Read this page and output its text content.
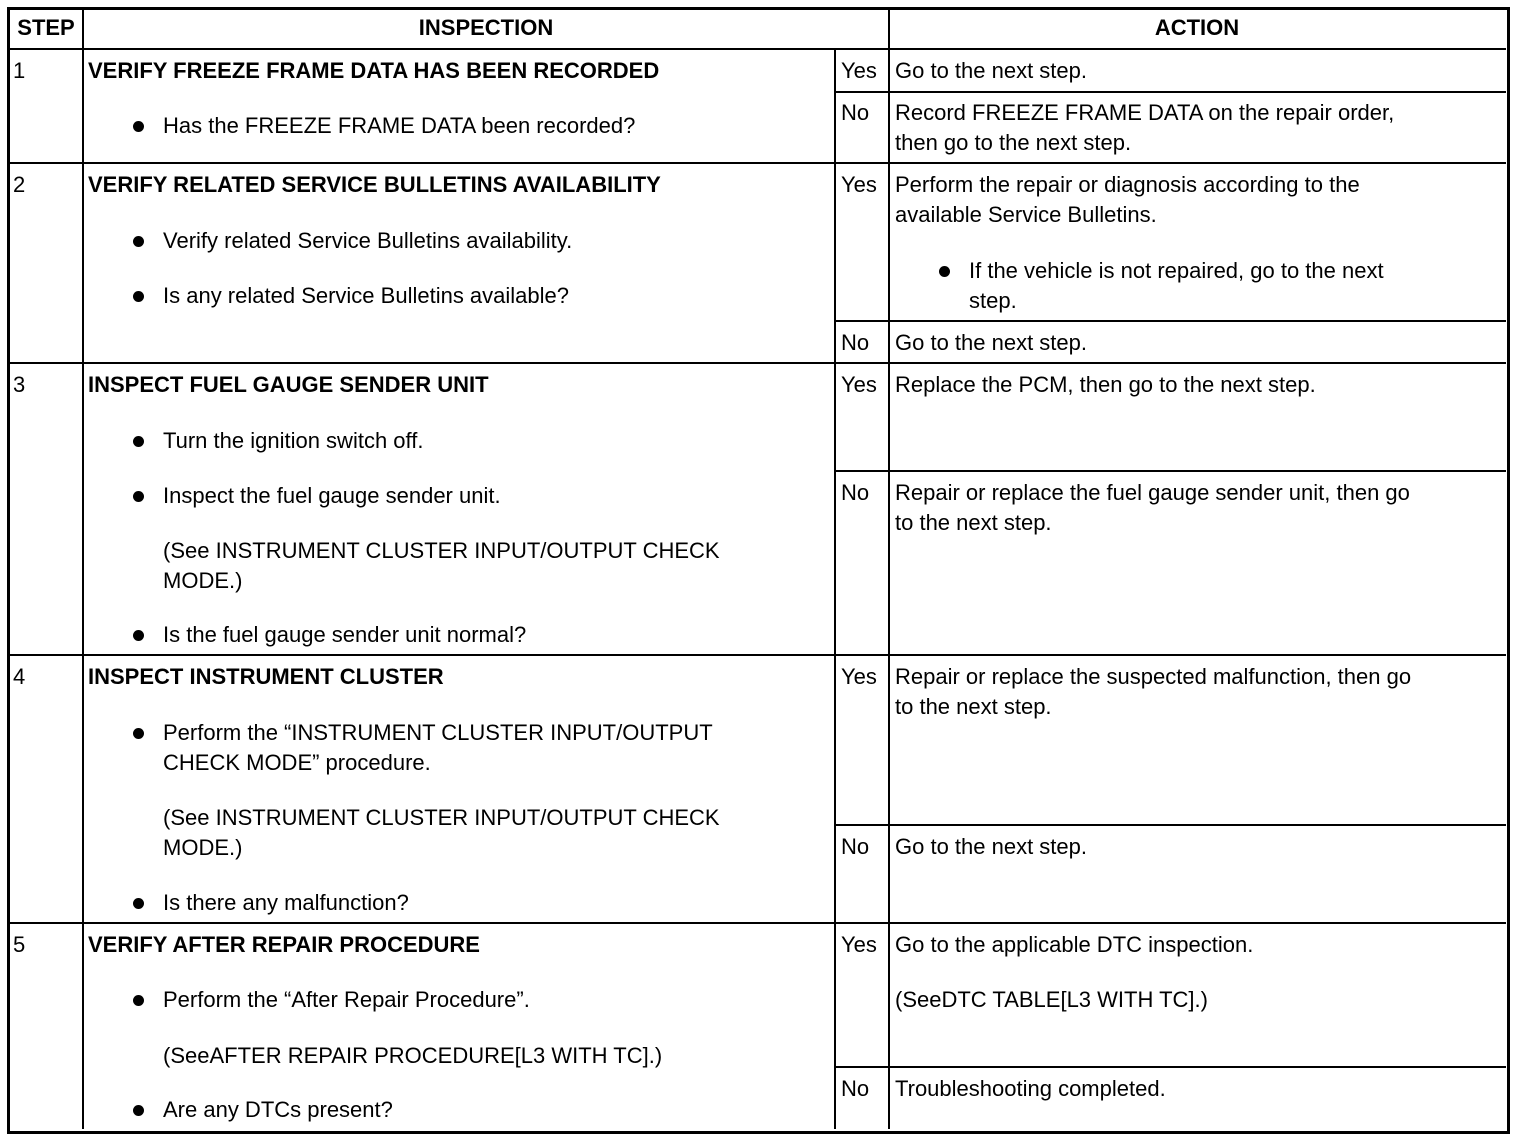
STEP	INSPECTION	ACTION
1	VERIFY FREEZE FRAME DATA HAS BEEN RECORDED
Has the FREEZE FRAME DATA been recorded?
Yes Go to the next step.
No Record FREEZE FRAME DATA on the repair order,
then go to the next step.
2	VERIFY RELATED SERVICE BULLETINS AVAILABILITY
Verify related Service Bulletins availability.
Is any related Service Bulletins available?
Yes Perform the repair or diagnosis according to the
available Service Bulletins.
If the vehicle is not repaired, go to the next
step.
No Go to the next step.
3	INSPECT FUEL GAUGE SENDER UNIT
Turn the ignition switch off.
Inspect the fuel gauge sender unit.
(See INSTRUMENT CLUSTER INPUT/OUTPUT CHECK
MODE.)
Is the fuel gauge sender unit normal?
Yes Replace the PCM, then go to the next step.
No Repair or replace the fuel gauge sender unit, then go
to the next step.
4	INSPECT INSTRUMENT CLUSTER
Perform the “INSTRUMENT CLUSTER INPUT/OUTPUT
CHECK MODE” procedure.
(See INSTRUMENT CLUSTER INPUT/OUTPUT CHECK
MODE.)
Is there any malfunction?
Yes Repair or replace the suspected malfunction, then go
to the next step.
No Go to the next step.
5	VERIFY AFTER REPAIR PROCEDURE
Perform the “After Repair Procedure”.
(SeeAFTER REPAIR PROCEDURE[L3 WITH TC].)
Are any DTCs present?
Yes Go to the applicable DTC inspection.
(SeeDTC TABLE[L3 WITH TC].)
No Troubleshooting completed.
